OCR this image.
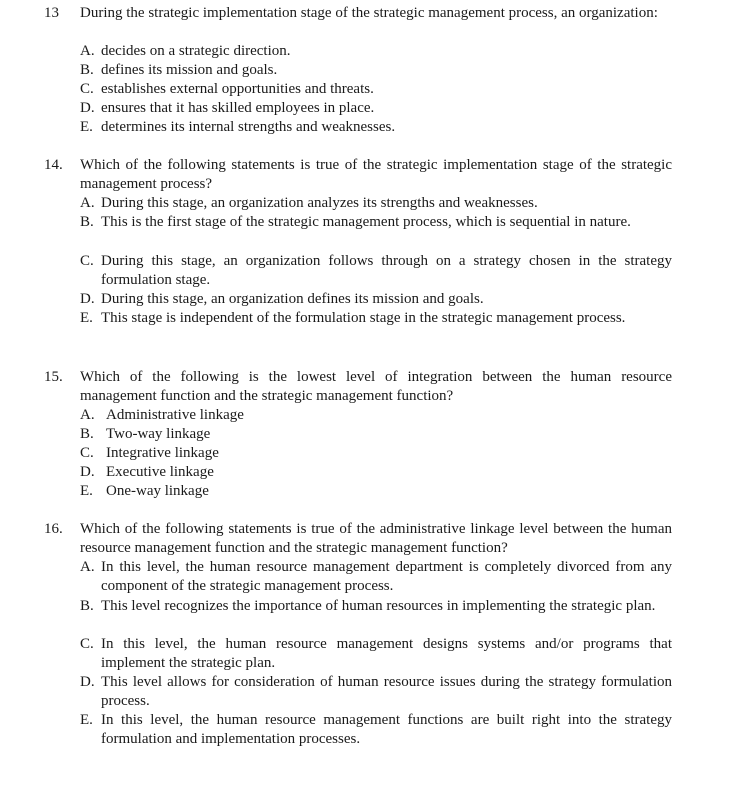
13 During the strategic implementation stage of the strategic management process, an organization:
A. decides on a strategic direction.
B. defines its mission and goals.
C. establishes external opportunities and threats.
D. ensures that it has skilled employees in place.
E. determines its internal strengths and weaknesses.
14. Which of the following statements is true of the strategic implementation stage of the strategic management process?
A. During this stage, an organization analyzes its strengths and weaknesses.
B. This is the first stage of the strategic management process, which is sequential in nature.
C. During this stage, an organization follows through on a strategy chosen in the strategy formulation stage.
D. During this stage, an organization defines its mission and goals.
E. This stage is independent of the formulation stage in the strategic management process.
15. Which of the following is the lowest level of integration between the human resource management function and the strategic management function?
A. Administrative linkage
B. Two-way linkage
C. Integrative linkage
D. Executive linkage
E. One-way linkage
16. Which of the following statements is true of the administrative linkage level between the human resource management function and the strategic management function?
A. In this level, the human resource management department is completely divorced from any component of the strategic management process.
B. This level recognizes the importance of human resources in implementing the strategic plan.
C. In this level, the human resource management designs systems and/or programs that implement the strategic plan.
D. This level allows for consideration of human resource issues during the strategy formulation process.
E. In this level, the human resource management functions are built right into the strategy formulation and implementation processes.
